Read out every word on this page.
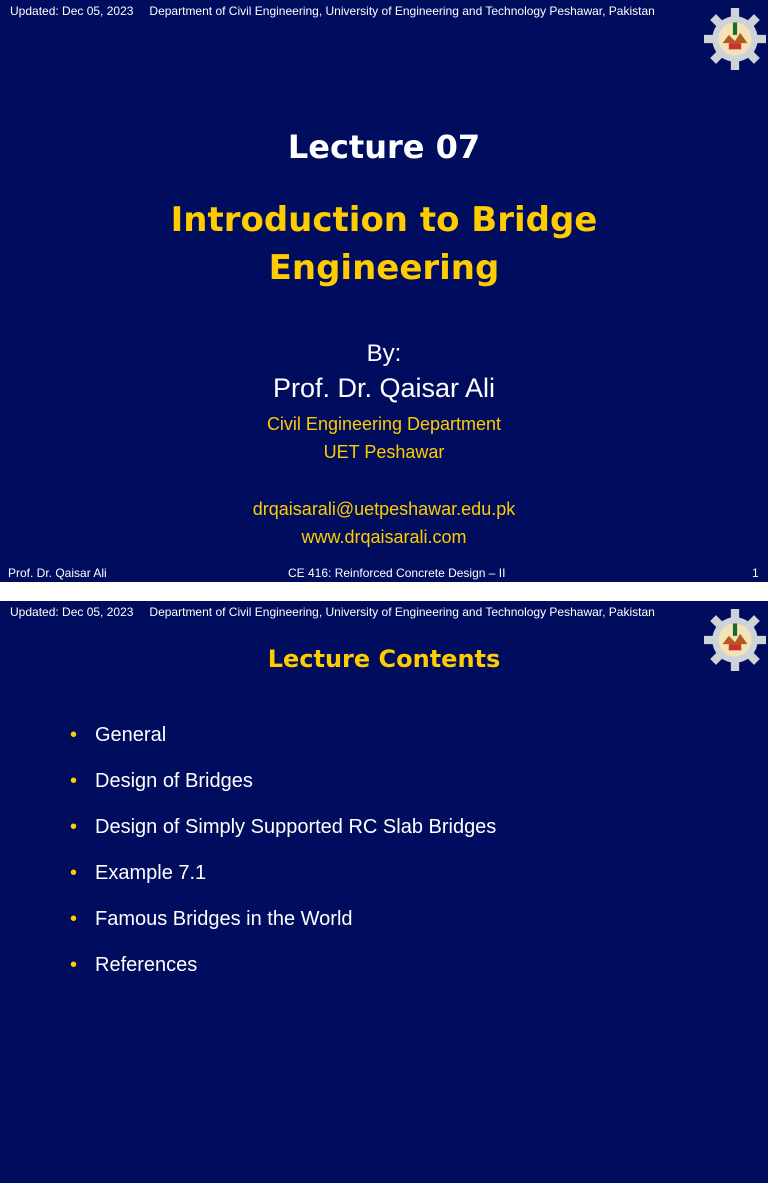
Updated: Dec 05, 2023 Department of Civil Engineering, University of Engineering and Technology Peshawar, Pakistan
Lecture 07
Introduction to Bridge
Engineering
By:
Prof. Dr. Qaisar Ali
Civil Engineering Department
UET Peshawar
drqaisarali@uetpeshawar.edu.pk
www.drqaisarali.com
Prof. Dr. Qaisar Ali	CE 416: Reinforced Concrete Design – II	1
Updated: Dec 05, 2023 Department of Civil Engineering, University of Engineering and Technology Peshawar, Pakistan
Lecture Contents
• General
• Design of Bridges
• Design of Simply Supported RC Slab Bridges
• Example 7.1
• Famous Bridges in the World
• References
